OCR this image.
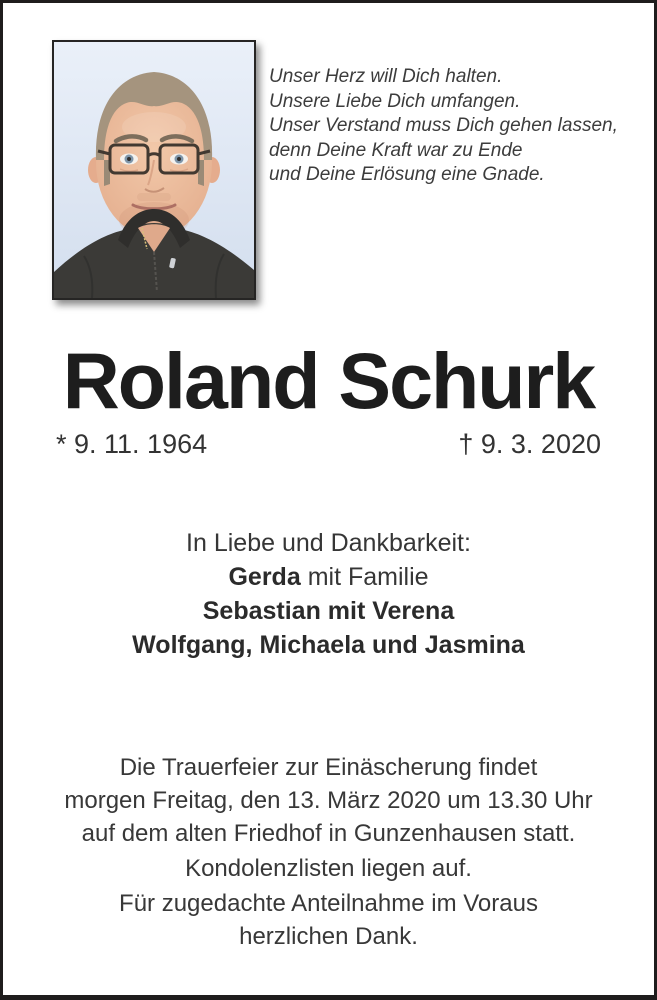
Unser Herz will Dich halten.
Unsere Liebe Dich umfangen.
Unser Verstand muss Dich gehen lassen,
denn Deine Kraft war zu Ende
und Deine Erlösung eine Gnade.
Roland Schurk
* 9. 11. 1964	† 9. 3. 2020
In Liebe und Dankbarkeit:
Gerda mit Familie
Sebastian mit Verena
Wolfgang, Michaela und Jasmina
Die Trauerfeier zur Einäscherung findet
morgen Freitag, den 13. März 2020 um 13.30 Uhr
auf dem alten Friedhof in Gunzenhausen statt.
Kondolenzlisten liegen auf.
Für zugedachte Anteilnahme im Voraus
herzlichen Dank.
